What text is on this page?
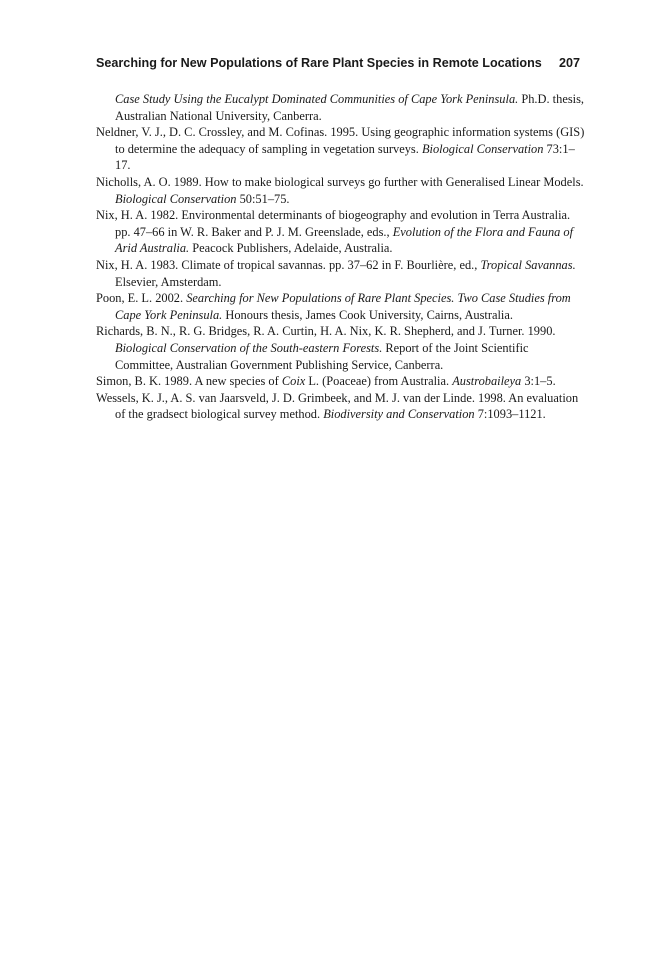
Searching for New Populations of Rare Plant Species in Remote Locations 207
Case Study Using the Eucalypt Dominated Communities of Cape York Peninsula. Ph.D. thesis, Australian National University, Canberra.
Neldner, V. J., D. C. Crossley, and M. Cofinas. 1995. Using geographic information systems (GIS) to determine the adequacy of sampling in vegetation surveys. Biological Conservation 73:1–17.
Nicholls, A. O. 1989. How to make biological surveys go further with Generalised Linear Models. Biological Conservation 50:51–75.
Nix, H. A. 1982. Environmental determinants of biogeography and evolution in Terra Australia. pp. 47–66 in W. R. Baker and P. J. M. Greenslade, eds., Evolution of the Flora and Fauna of Arid Australia. Peacock Publishers, Adelaide, Australia.
Nix, H. A. 1983. Climate of tropical savannas. pp. 37–62 in F. Bourlière, ed., Tropical Savannas. Elsevier, Amsterdam.
Poon, E. L. 2002. Searching for New Populations of Rare Plant Species. Two Case Studies from Cape York Peninsula. Honours thesis, James Cook University, Cairns, Australia.
Richards, B. N., R. G. Bridges, R. A. Curtin, H. A. Nix, K. R. Shepherd, and J. Turner. 1990. Biological Conservation of the South-eastern Forests. Report of the Joint Scientific Committee, Australian Government Publishing Service, Canberra.
Simon, B. K. 1989. A new species of Coix L. (Poaceae) from Australia. Austrobaileya 3:1–5.
Wessels, K. J., A. S. van Jaarsveld, J. D. Grimbeek, and M. J. van der Linde. 1998. An evaluation of the gradsect biological survey method. Biodiversity and Conservation 7:1093–1121.
